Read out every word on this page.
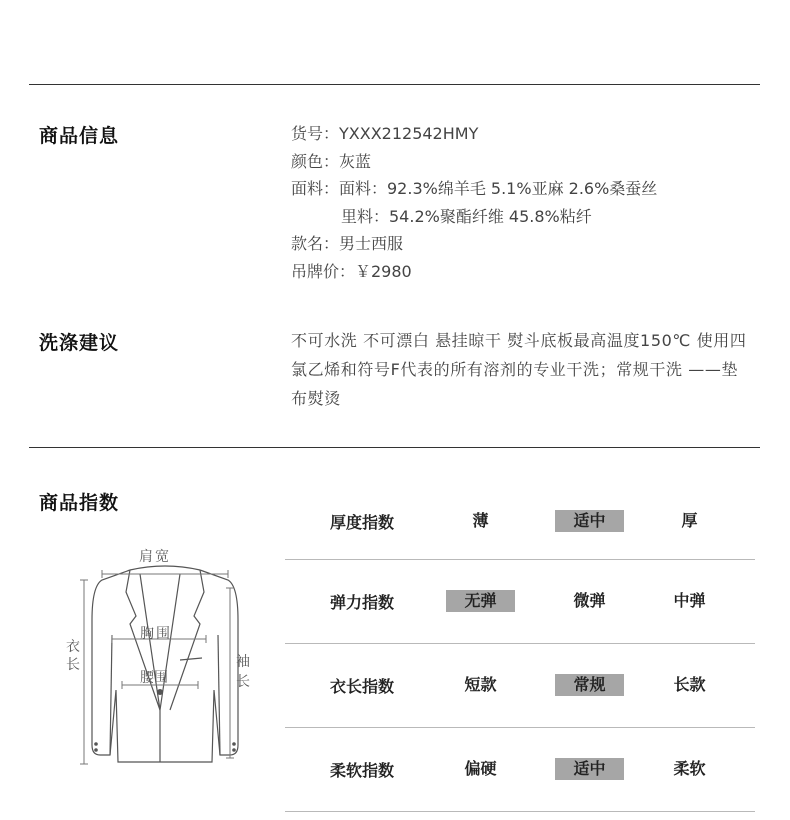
商品信息	货号：YXXX212542HMY
颜色：灰蓝
面料：面料：92.3%绵羊毛 5.1%亚麻 2.6%桑蚕丝
里料：54.2%聚酯纤维 45.8%粘纤
款名：男士西服
吊牌价：￥2980
洗涤建议	不可水洗 不可漂白 悬挂晾干 熨斗底板最高温度150℃ 使用四氯乙烯和符号F代表的所有溶剂的专业干洗；常规干洗 ——垫布熨烫
商品指数
肩宽
胸围
腰围
衣
长	袖
长
厚度指数	薄	适中	厚
弹力指数	无弹	微弹	中弹
衣长指数	短款	常规	长款
柔软指数	偏硬	适中	柔软
